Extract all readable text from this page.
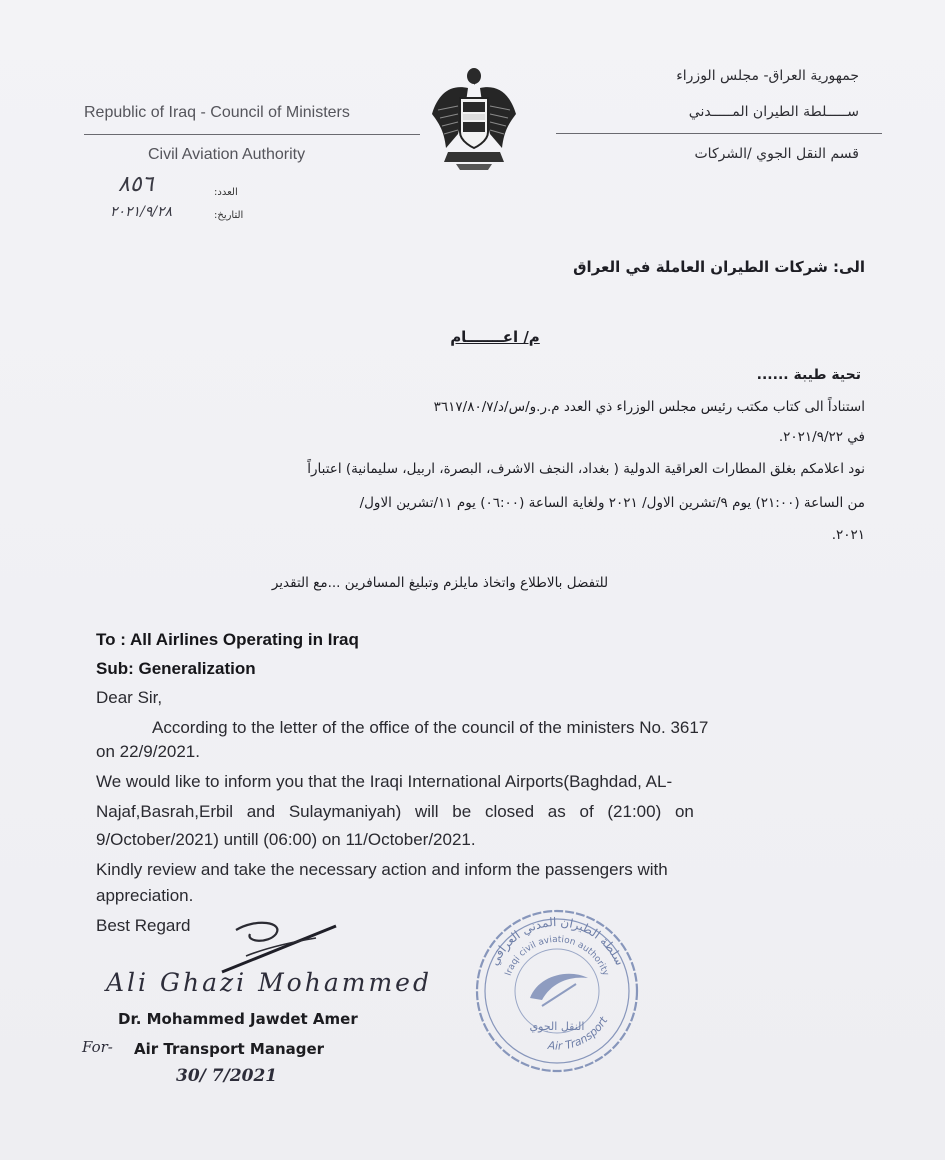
Republic of Iraq - Council of Ministers
Civil Aviation Authority
جمهورية العراق- مجلس الوزراء
ســـــلطة الطيران المـــــدني
قسم النقل الجوي /الشركات
العدد:
٨٥٦
التاريخ:
٢٠٢١/٩/٢٨
الى: شركات الطيران العاملة في العراق
م/ اعـــــــام
تحية طيبة ......
استناداً الى كتاب مكتب رئيس مجلس الوزراء ذي العدد م.ر.و/س/د/٣٦١٧/٨٠/٧
في ٢٠٢١/٩/٢٢.
نود اعلامكم بغلق المطارات العراقية الدولية ( بغداد، النجف الاشرف، البصرة، اربيل، سليمانية) اعتباراً
من الساعة (٢١:٠٠) يوم ٩/تشرين الاول/ ٢٠٢١ ولغاية الساعة (٠٦:٠٠) يوم ١١/تشرين الاول/
٢٠٢١.
للتفضل بالاطلاع واتخاذ مايلزم وتبليغ المسافرين ...مع التقدير
To : All Airlines Operating in Iraq
Sub: Generalization
Dear Sir,
According to the letter of the office of the council of the ministers No. 3617
on 22/9/2021.
We would like to inform you that the Iraqi International Airports(Baghdad, AL-
Najaf,Basrah,Erbil and Sulaymaniyah) will be closed as of (21:00) on
9/October/2021) untill (06:00) on 11/October/2021.
Kindly review and take the necessary action and inform the passengers with
appreciation.
Best Regard
Ali Ghazi Mohammed
Dr. Mohammed Jawdet Amer
For- Air Transport Manager
30/ 7/2021
سلطة الطيران المدني العراقي
Iraqi civil aviation authority
النقل الجوي
Air Transport
